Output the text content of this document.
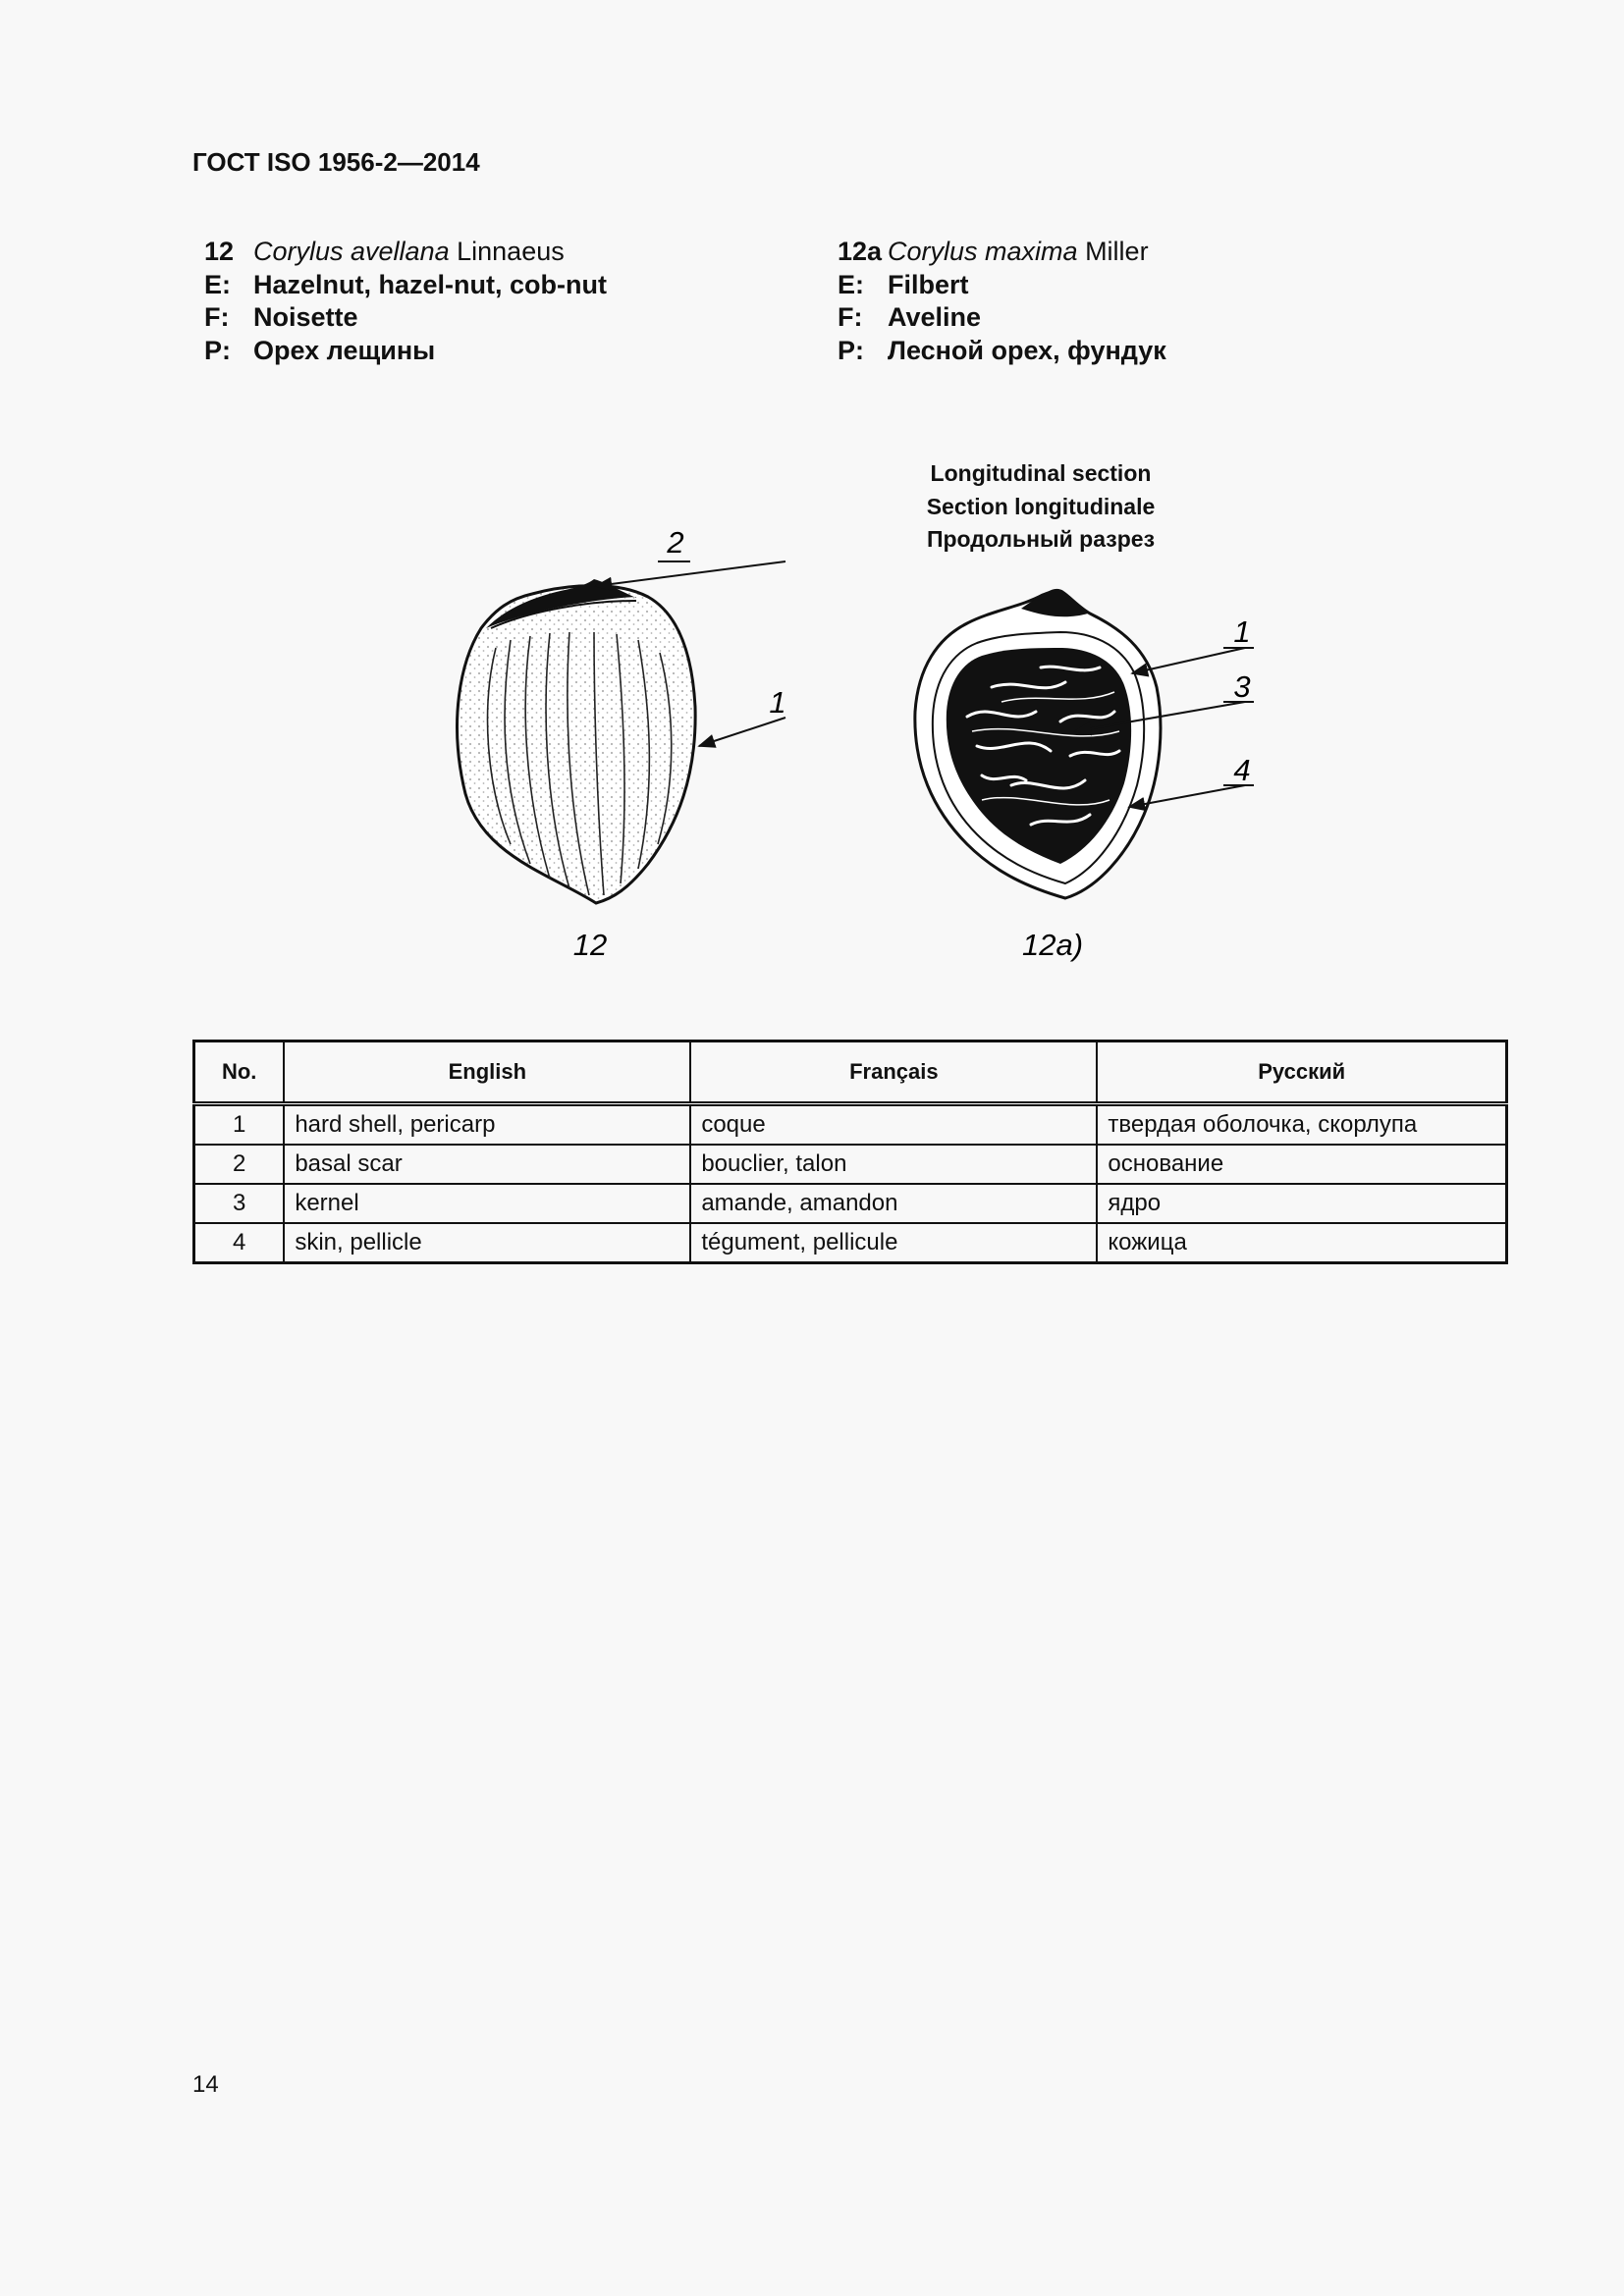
ГОСТ ISO 1956-2—2014
12 Corylus avellana Linnaeus
E: Hazelnut, hazel-nut, cob-nut
F: Noisette
P: Орех лещины
12a Corylus maxima Miller
E: Filbert
F: Aveline
P: Лесной орех, фундук
Longitudinal section
Section longitudinale
Продольный разрез
2
1
1
3
4
12	12a)
No.	English	Français	Русский
1	hard shell, pericarp	coque	твердая оболочка, скорлупа
2	basal scar	bouclier, talon	основание
3	kernel	amande, amandon	ядро
4	skin, pellicle	tégument, pellicule	кожица
14
